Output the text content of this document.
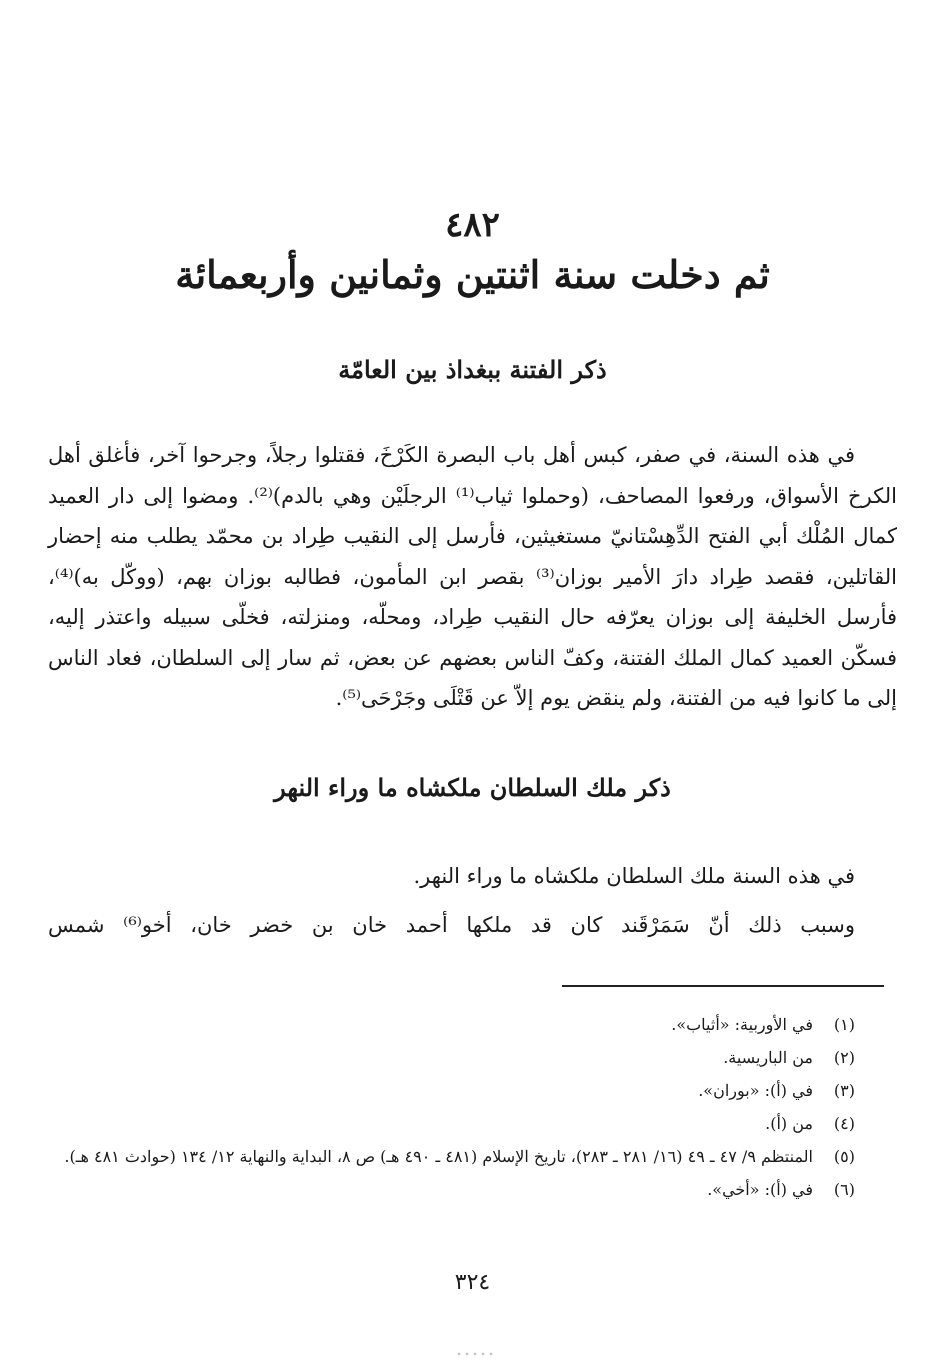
٤٨٢
ثم دخلت سنة اثنتين وثمانين وأربعمائة
ذكر الفتنة ببغداذ بين العامّة

في هذه السنة، في صفر، كبس أهل باب البصرة الكَرْخَ، فقتلوا رجلاً، وجرحوا آخر، فأغلق أهل الكرخ الأسواق، ورفعوا المصاحف، (وحملوا ثياب⁽¹⁾ الرجلَيْن وهي بالدم)⁽²⁾. ومضوا إلى دار العميد كمال المُلْك أبي الفتح الدِّهِسْتانيّ مستغيثين، فأرسل إلى النقيب طِراد بن محمّد يطلب منه إحضار القاتلين، فقصد طِراد دارَ الأمير بوزان⁽³⁾ بقصر ابن المأمون، فطالبه بوزان بهم، (ووكّل به)⁽⁴⁾، فأرسل الخليفة إلى بوزان يعرّفه حال النقيب طِراد، ومحلّه، ومنزلته، فخلّى سبيله واعتذر إليه، فسكّن العميد كمال الملك الفتنة، وكفّ الناس بعضهم عن بعض، ثم سار إلى السلطان، فعاد الناس إلى ما كانوا فيه من الفتنة، ولم ينقض يوم إلاّ عن قَتْلَى وجَرْحَى⁽⁵⁾.

ذكر ملك السلطان ملكشاه ما وراء النهر

في هذه السنة ملك السلطان ملكشاه ما وراء النهر.

وسبب ذلك أنّ سَمَرْقَند كان قد ملكها أحمد خان بن خضر خان، أخو⁽⁶⁾ شمس

(١)
في الأوربية: «أثياب».
(٢)
من الباريسية.
(٣)
في (أ): «بوران».
(٤)
من (أ).
(٥)
المنتظم ٩/ ٤٧ ـ ٤٩ (١٦/ ٢٨١ ـ ٢٨٣)، تاريخ الإسلام (٤٨١ ـ ٤٩٠ هـ) ص ٨، البداية والنهاية ١٢/ ١٣٤ (حوادث ٤٨١ هـ).
(٦)
في (أ): «أخي».
٣٢٤
